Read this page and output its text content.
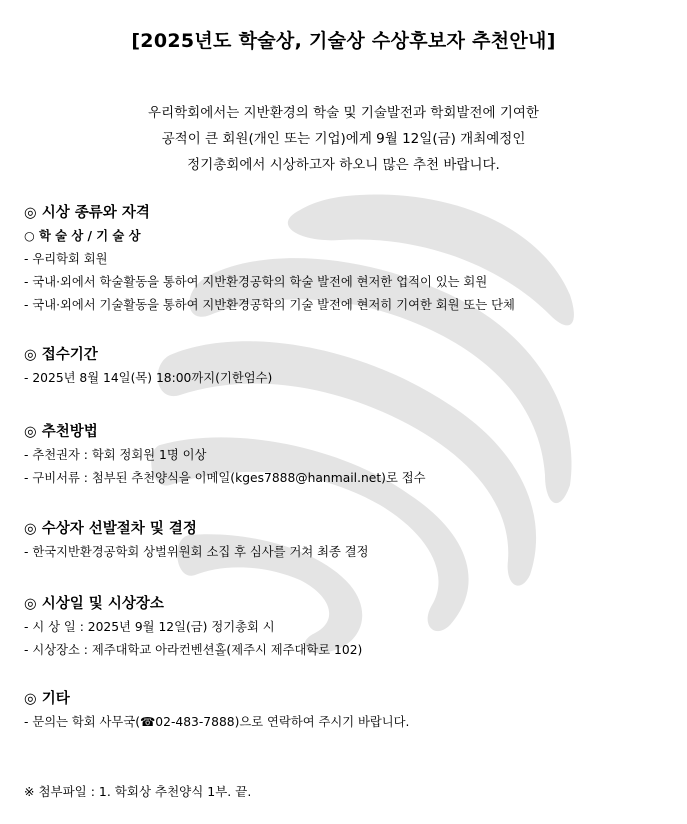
[2025년도 학술상, 기술상 수상후보자 추천안내]
우리학회에서는 지반환경의 학술 및 기술발전과 학회발전에 기여한
공적이 큰 회원(개인 또는 기업)에게 9월 12일(금) 개최예정인
정기총회에서 시상하고자 하오니 많은 추천 바랍니다.
◎ 시상 종류와 자격
○ 학 술 상 / 기 술 상
- 우리학회 회원
- 국내·외에서 학술활동을 통하여 지반환경공학의 학술 발전에 현저한 업적이 있는 회원
- 국내·외에서 기술활동을 통하여 지반환경공학의 기술 발전에 현저히 기여한 회원 또는 단체
◎ 접수기간
- 2025년 8월 14일(목) 18:00까지(기한엄수)
◎ 추천방법
- 추천권자 : 학회 정회원 1명 이상
- 구비서류 : 첨부된 추천양식을 이메일(kges7888@hanmail.net)로 접수
◎ 수상자 선발절차 및 결정
- 한국지반환경공학회 상벌위원회 소집 후 심사를 거쳐 최종 결정
◎ 시상일 및 시상장소
- 시 상 일 : 2025년 9월 12일(금) 정기총회 시
- 시상장소 : 제주대학교 아라컨벤션홀(제주시 제주대학로 102)
◎ 기타
- 문의는 학회 사무국(☎02-483-7888)으로 연락하여 주시기 바랍니다.
※ 첨부파일 : 1. 학회상 추천양식 1부. 끝.
